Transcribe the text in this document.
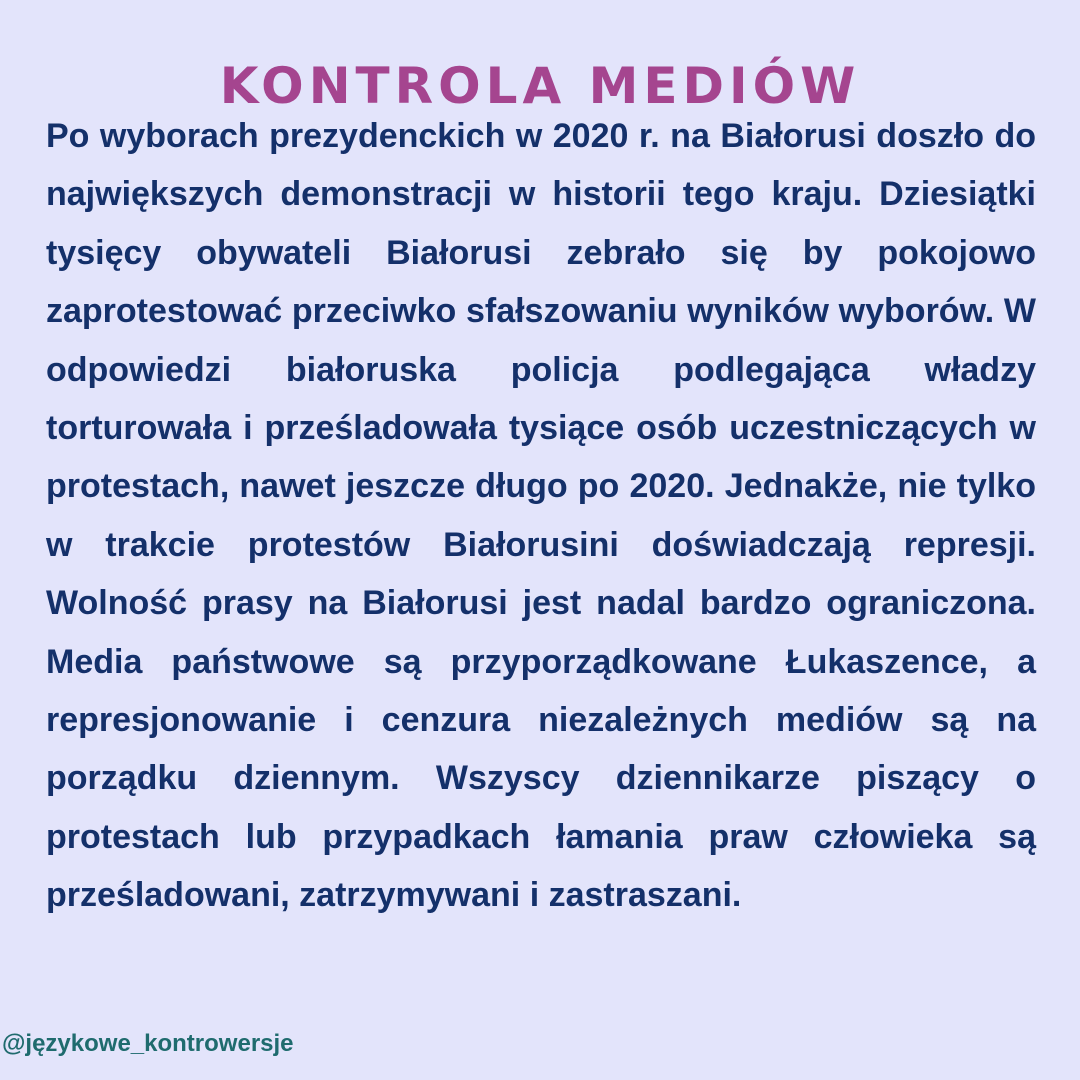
KONTROLA MEDIÓW

Po wyborach prezydenckich w 2020 r. na Białorusi doszło do największych demonstracji w historii tego kraju. Dziesiątki tysięcy obywateli Białorusi zebrało się by pokojowo zaprotestować przeciwko sfałszowaniu wyników wyborów. W odpowiedzi białoruska policja podlegająca władzy torturowała i prześladowała tysiące osób uczestniczących w protestach, nawet jeszcze długo po 2020. Jednakże, nie tylko w trakcie protestów Białorusini doświadczają represji. Wolność prasy na Białorusi jest nadal bardzo ograniczona. Media państwowe są przyporządkowane Łukaszence, a represjonowanie i cenzura niezależnych mediów są na porządku dziennym. Wszyscy dziennikarze piszący o protestach lub przypadkach łamania praw człowieka są prześladowani, zatrzymywani i zastraszani.

@językowe_kontrowersje
